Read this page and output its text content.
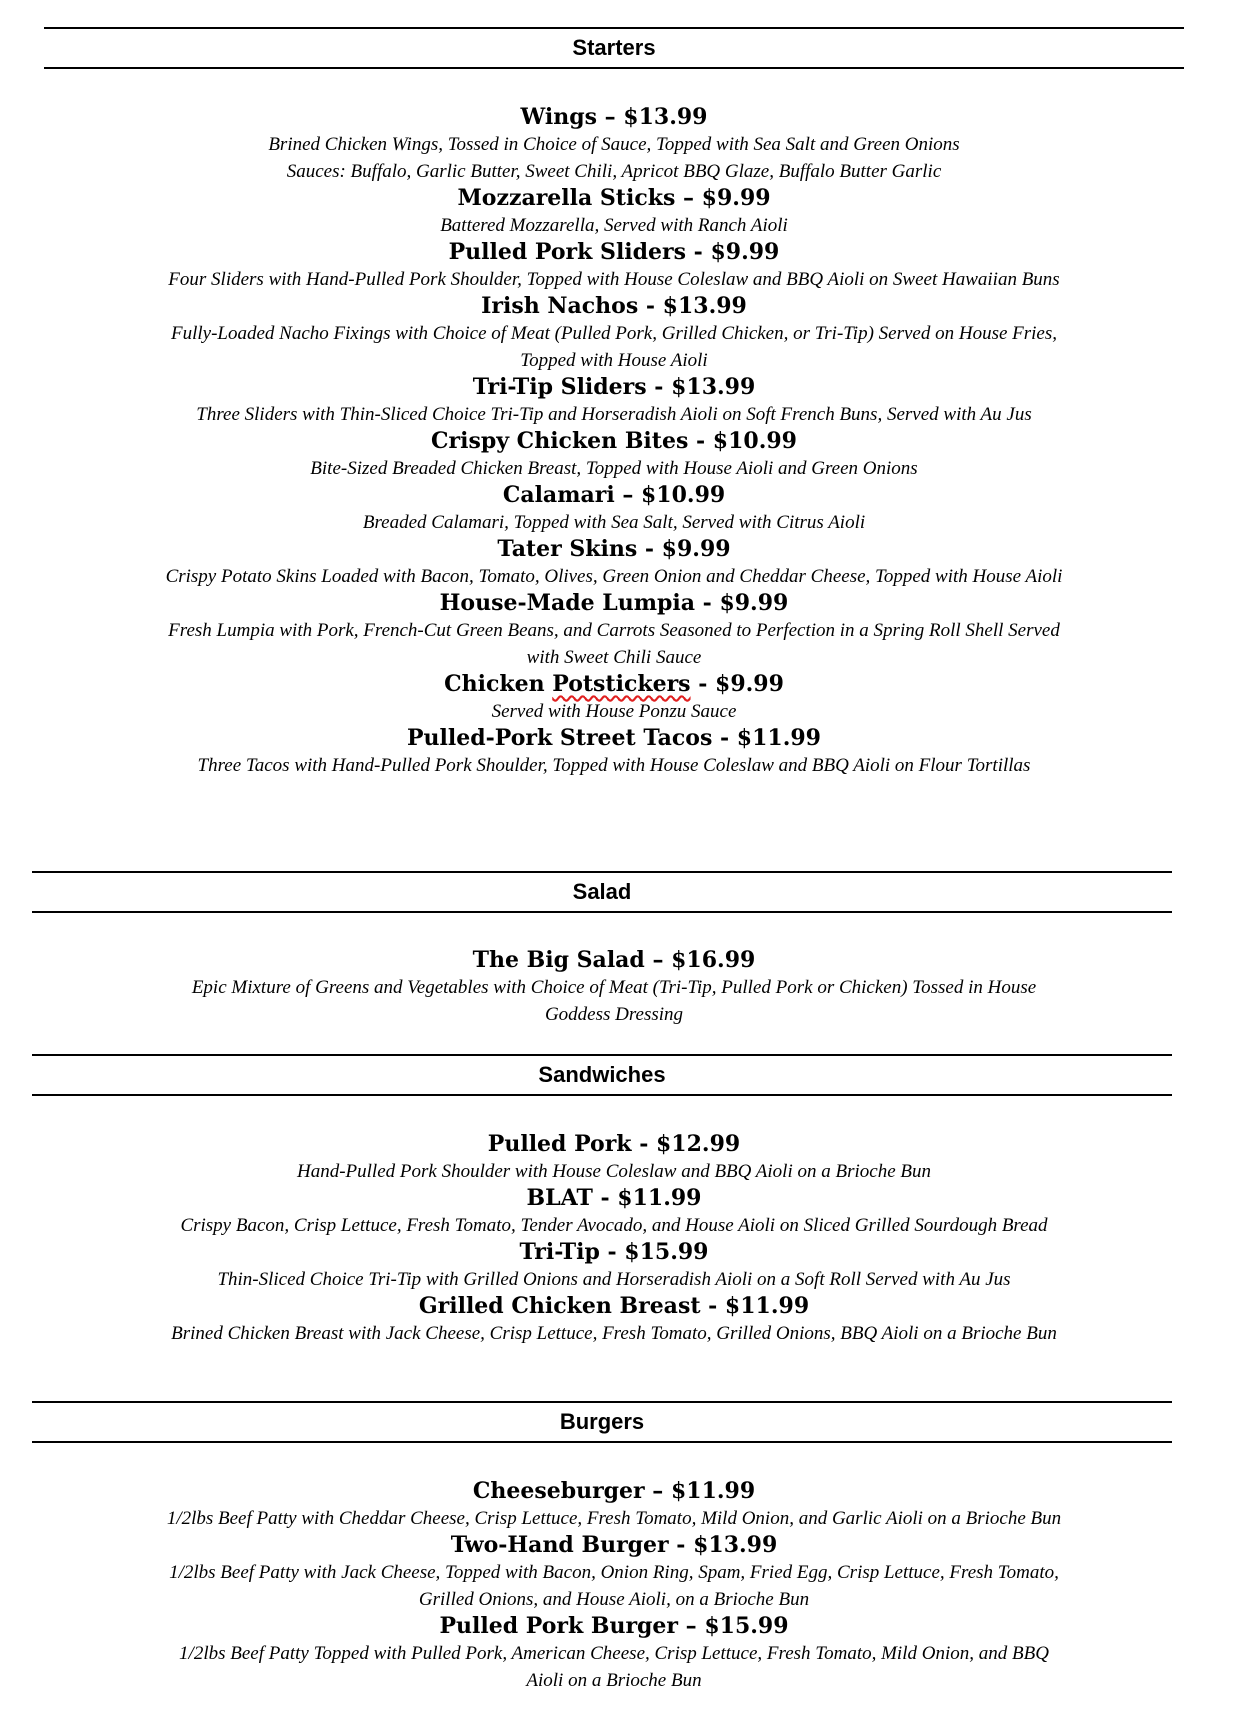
Starters
Wings – $13.99
Brined Chicken Wings, Tossed in Choice of Sauce, Topped with Sea Salt and Green Onions
Sauces: Buffalo, Garlic Butter, Sweet Chili, Apricot BBQ Glaze, Buffalo Butter Garlic
Mozzarella Sticks – $9.99
Battered Mozzarella, Served with Ranch Aioli
Pulled Pork Sliders - $9.99
Four Sliders with Hand-Pulled Pork Shoulder, Topped with House Coleslaw and BBQ Aioli on Sweet Hawaiian Buns
Irish Nachos - $13.99
Fully-Loaded Nacho Fixings with Choice of Meat (Pulled Pork, Grilled Chicken, or Tri-Tip) Served on House Fries,
Topped with House Aioli
Tri-Tip Sliders - $13.99
Three Sliders with Thin-Sliced Choice Tri-Tip and Horseradish Aioli on Soft French Buns, Served with Au Jus
Crispy Chicken Bites - $10.99
Bite-Sized Breaded Chicken Breast, Topped with House Aioli and Green Onions
Calamari – $10.99
Breaded Calamari, Topped with Sea Salt, Served with Citrus Aioli
Tater Skins - $9.99
Crispy Potato Skins Loaded with Bacon, Tomato, Olives, Green Onion and Cheddar Cheese, Topped with House Aioli
House-Made Lumpia - $9.99
Fresh Lumpia with Pork, French-Cut Green Beans, and Carrots Seasoned to Perfection in a Spring Roll Shell Served
with Sweet Chili Sauce
Chicken Potstickers - $9.99
Served with House Ponzu Sauce
Pulled-Pork Street Tacos - $11.99
Three Tacos with Hand-Pulled Pork Shoulder, Topped with House Coleslaw and BBQ Aioli on Flour Tortillas
Salad
The Big Salad – $16.99
Epic Mixture of Greens and Vegetables with Choice of Meat (Tri-Tip, Pulled Pork or Chicken) Tossed in House
Goddess Dressing
Sandwiches
Pulled Pork - $12.99
Hand-Pulled Pork Shoulder with House Coleslaw and BBQ Aioli on a Brioche Bun
BLAT - $11.99
Crispy Bacon, Crisp Lettuce, Fresh Tomato, Tender Avocado, and House Aioli on Sliced Grilled Sourdough Bread
Tri-Tip - $15.99
Thin-Sliced Choice Tri-Tip with Grilled Onions and Horseradish Aioli on a Soft Roll Served with Au Jus
Grilled Chicken Breast - $11.99
Brined Chicken Breast with Jack Cheese, Crisp Lettuce, Fresh Tomato, Grilled Onions, BBQ Aioli on a Brioche Bun
Burgers
Cheeseburger – $11.99
1/2lbs Beef Patty with Cheddar Cheese, Crisp Lettuce, Fresh Tomato, Mild Onion, and Garlic Aioli on a Brioche Bun
Two-Hand Burger - $13.99
1/2lbs Beef Patty with Jack Cheese, Topped with Bacon, Onion Ring, Spam, Fried Egg, Crisp Lettuce, Fresh Tomato,
Grilled Onions, and House Aioli, on a Brioche Bun
Pulled Pork Burger – $15.99
1/2lbs Beef Patty Topped with Pulled Pork, American Cheese, Crisp Lettuce, Fresh Tomato, Mild Onion, and BBQ
Aioli on a Brioche Bun
